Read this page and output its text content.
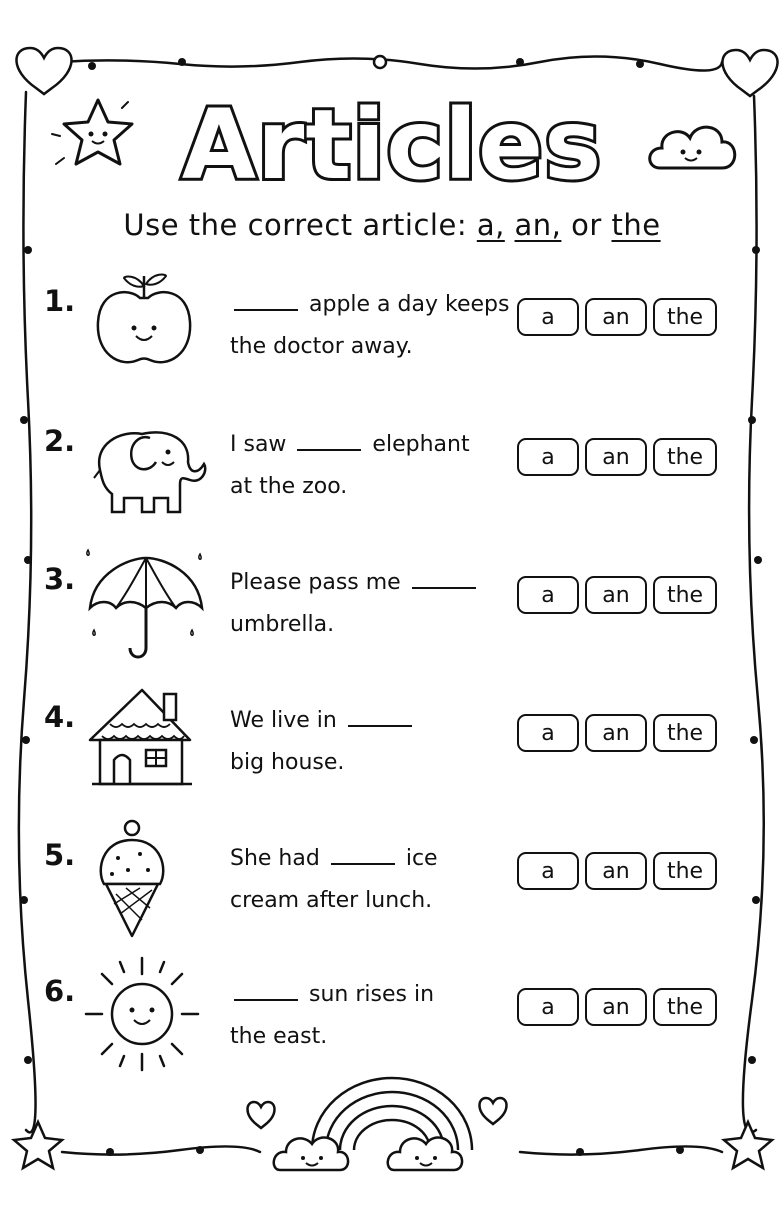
Articles
Use the correct article: a, an, or the
1.	apple a day keeps
the doctor away.
a	an	the
2.	I saw	elephant
at the zoo.
a	an	the
3.	Please pass me
umbrella.
a	an	the
4.	We live in
big house.
a	an	the
5.	She had	ice
cream after lunch.
a	an	the
6.	sun rises in
the east.
a	an	the
